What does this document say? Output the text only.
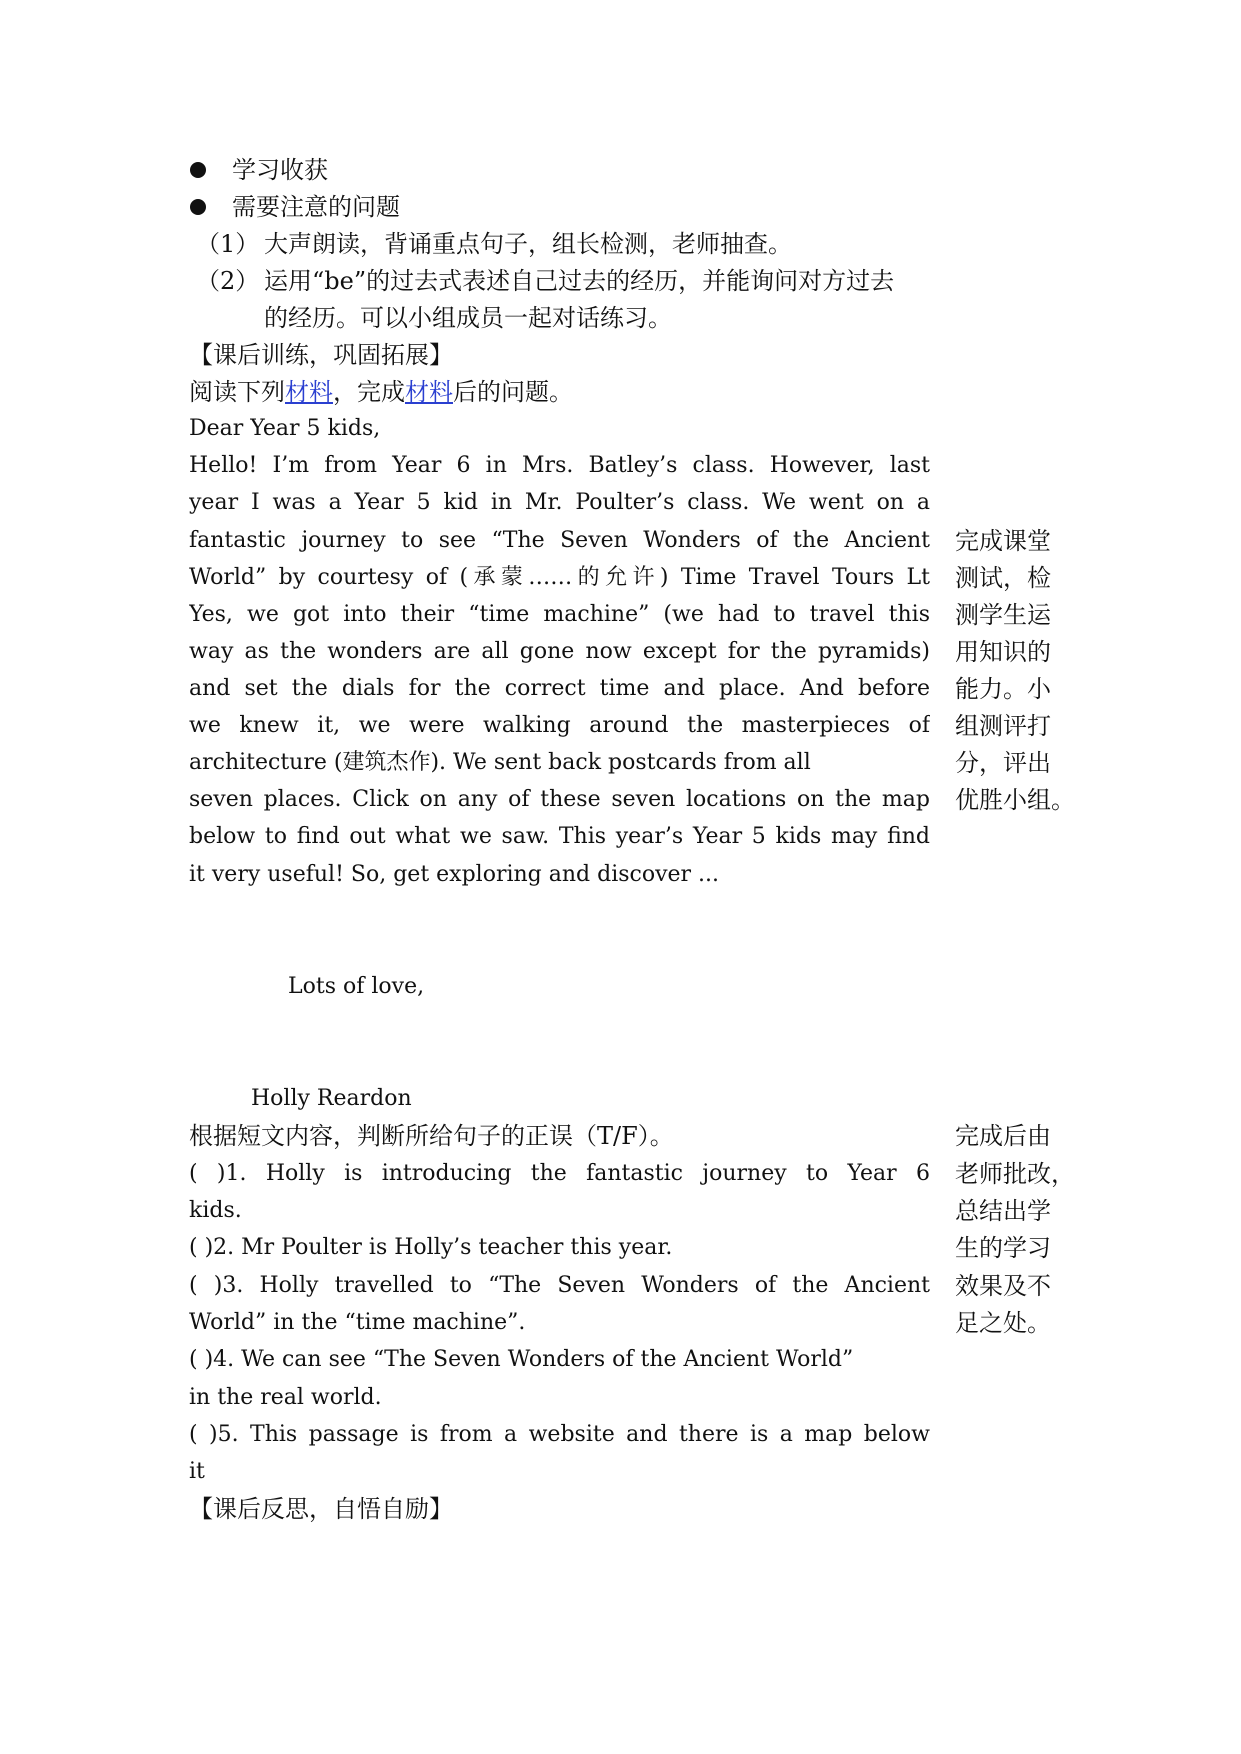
学习收获
需要注意的问题
（1） 大声朗读，背诵重点句子，组长检测，老师抽查。
（2） 运用“be”的过去式表述自己过去的经历，并能询问对方过去
的经历。可以小组成员一起对话练习。
【课后训练，巩固拓展】
阅读下列材料，完成材料后的问题。
Dear Year 5 kids,
Hello! I’m from Year 6 in Mrs. Batley’s class. However, last
year I was a Year 5 kid in Mr. Poulter’s class. We went on a
fantastic journey to see “The Seven Wonders of the Ancient
World” by courtesy of (承蒙……的允许) Time Travel Tours Lt
Yes, we got into their “time machine” (we had to travel this
way as the wonders are all gone now except for the pyramids)
and set the dials for the correct time and place. And before
we knew it, we were walking around the masterpieces of
architecture (建筑杰作). We sent back postcards from all
seven places. Click on any of these seven locations on the map
below to find out what we saw. This year’s Year 5 kids may find
it very useful! So, get exploring and discover ...
完成课堂
测试，检
测学生运
用知识的
能力。小
组测评打
分，评出
优胜小组。
Lots of love,
Holly Reardon
根据短文内容，判断所给句子的正误（T/F）。
( )1. Holly is introducing the fantastic journey to Year 6
kids.
( )2. Mr Poulter is Holly’s teacher this year.
( )3. Holly travelled to “The Seven Wonders of the Ancient
World” in the “time machine”.
( )4. We can see “The Seven Wonders of the Ancient World”
in the real world.
( )5. This passage is from a website and there is a map below
it
完成后由
老师批改，
总结出学
生的学习
效果及不
足之处。
【课后反思，自悟自励】
